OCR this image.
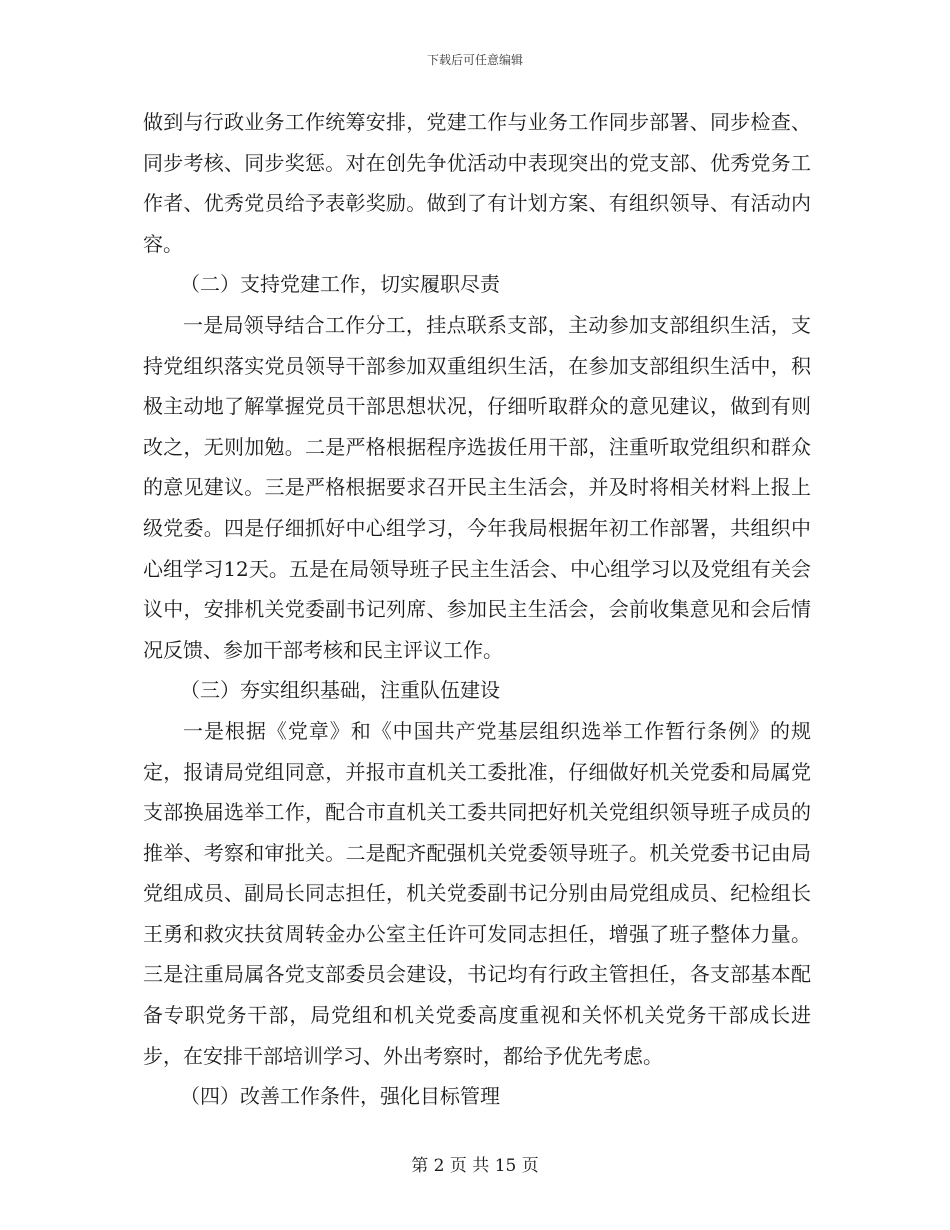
下载后可任意编辑

做到与行政业务工作统筹安排，党建工作与业务工作同步部署、同步检查、同步考核、同步奖惩。对在创先争优活动中表现突出的党支部、优秀党务工作者、优秀党员给予表彰奖励。做到了有计划方案、有组织领导、有活动内容。

（二）支持党建工作，切实履职尽责

一是局领导结合工作分工，挂点联系支部，主动参加支部组织生活，支持党组织落实党员领导干部参加双重组织生活，在参加支部组织生活中，积极主动地了解掌握党员干部思想状况，仔细听取群众的意见建议，做到有则改之，无则加勉。二是严格根据程序选拔任用干部，注重听取党组织和群众的意见建议。三是严格根据要求召开民主生活会，并及时将相关材料上报上级党委。四是仔细抓好中心组学习，今年我局根据年初工作部署，共组织中心组学习12天。五是在局领导班子民主生活会、中心组学习以及党组有关会议中，安排机关党委副书记列席、参加民主生活会，会前收集意见和会后情况反馈、参加干部考核和民主评议工作。

（三）夯实组织基础，注重队伍建设

一是根据《党章》和《中国共产党基层组织选举工作暂行条例》的规定，报请局党组同意，并报市直机关工委批准，仔细做好机关党委和局属党支部换届选举工作，配合市直机关工委共同把好机关党组织领导班子成员的推举、考察和审批关。二是配齐配强机关党委领导班子。机关党委书记由局党组成员、副局长同志担任，机关党委副书记分别由局党组成员、纪检组长王勇和救灾扶贫周转金办公室主任许可发同志担任，增强了班子整体力量。三是注重局属各党支部委员会建设，书记均有行政主管担任，各支部基本配备专职党务干部，局党组和机关党委高度重视和关怀机关党务干部成长进步，在安排干部培训学习、外出考察时，都给予优先考虑。

（四）改善工作条件，强化目标管理

第 2 页 共 15 页
